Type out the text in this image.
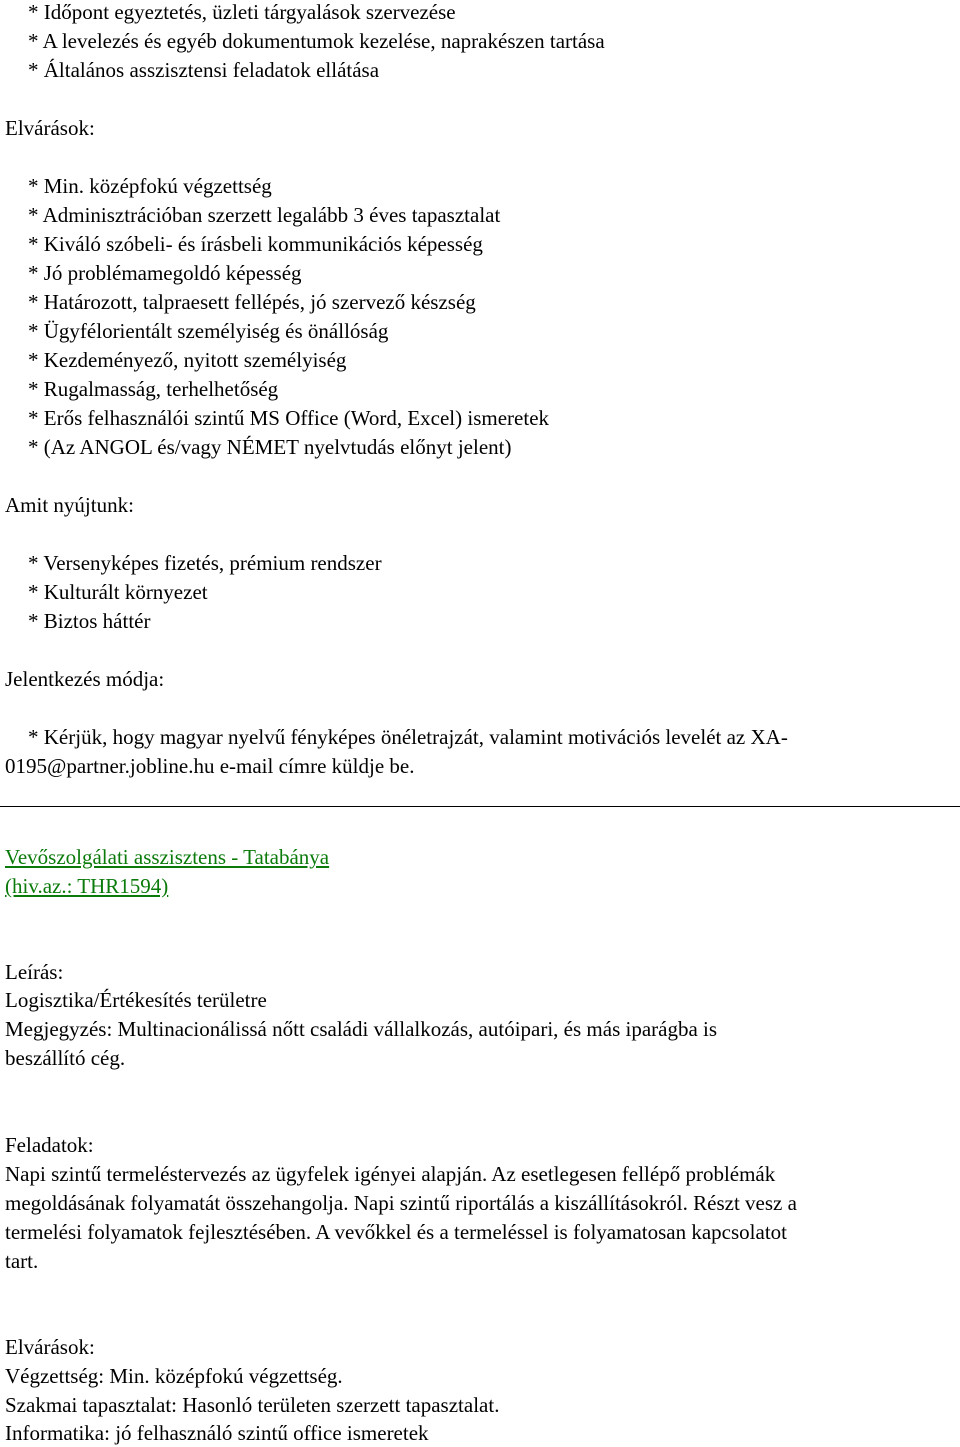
* Időpont egyeztetés, üzleti tárgyalások szervezése
* A levelezés és egyéb dokumentumok kezelése, naprakészen tartása
* Általános asszisztensi feladatok ellátása
Elvárások:
* Min. középfokú végzettség
* Adminisztrációban szerzett legalább 3 éves tapasztalat
* Kiváló szóbeli- és írásbeli kommunikációs képesség
* Jó problémamegoldó képesség
* Határozott, talpraesett fellépés, jó szervező készség
* Ügyfélorientált személyiség és önállóság
* Kezdeményező, nyitott személyiség
* Rugalmasság, terhelhetőség
* Erős felhasználói szintű MS Office (Word, Excel) ismeretek
* (Az ANGOL és/vagy NÉMET nyelvtudás előnyt jelent)
Amit nyújtunk:
* Versenyképes fizetés, prémium rendszer
* Kulturált környezet
* Biztos háttér
Jelentkezés módja:
* Kérjük, hogy magyar nyelvű fényképes önéletrajzát, valamint motivációs levelét az XA-
0195@partner.jobline.hu e-mail címre küldje be.
Vevőszolgálati asszisztens - Tatabánya
(hiv.az.: THR1594)
Leírás:
Logisztika/Értékesítés területre
Megjegyzés: Multinacionálissá nőtt családi vállalkozás, autóipari, és más iparágba is
beszállító cég.
Feladatok:
Napi szintű termeléstervezés az ügyfelek igényei alapján. Az esetlegesen fellépő problémák
megoldásának folyamatát összehangolja. Napi szintű riportálás a kiszállításokról. Részt vesz a
termelési folyamatok fejlesztésében. A vevőkkel és a termeléssel is folyamatosan kapcsolatot
tart.
Elvárások:
Végzettség: Min. középfokú végzettség.
Szakmai tapasztalat: Hasonló területen szerzett tapasztalat.
Informatika: jó felhasználó szintű office ismeretek
